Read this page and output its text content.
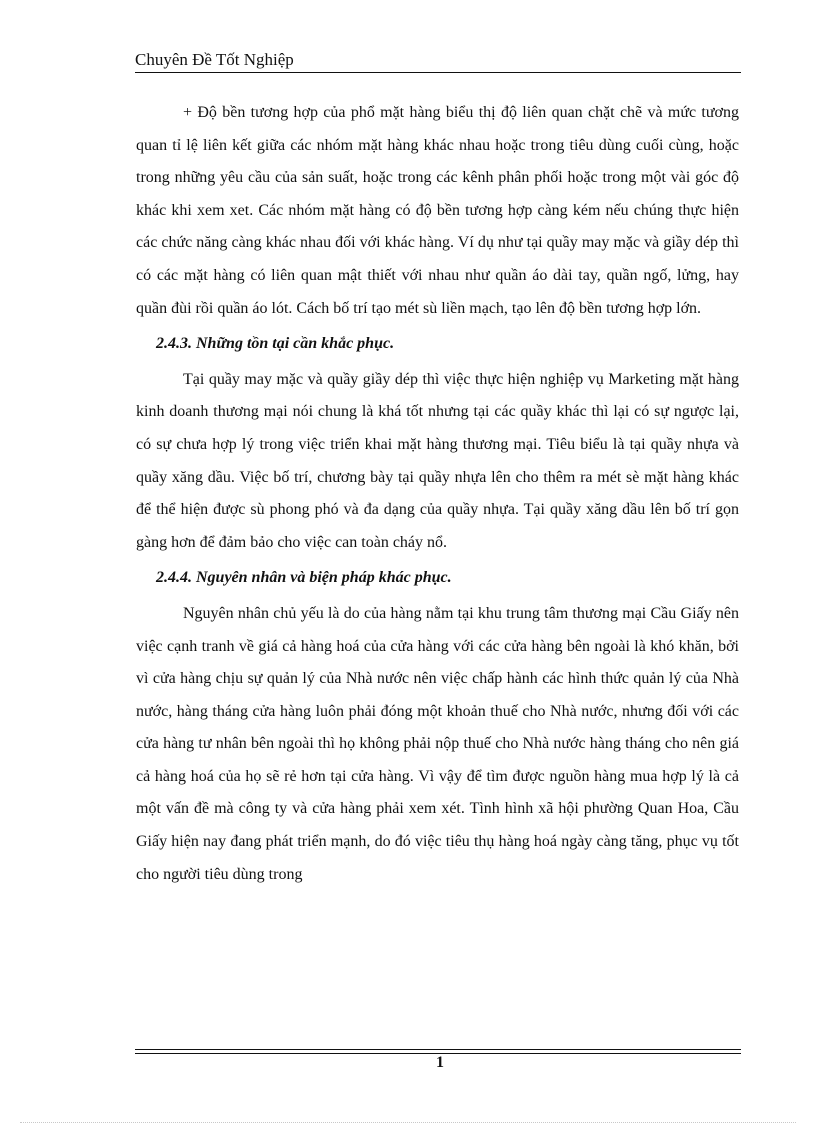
Chuyên Đề Tốt Nghiệp

+ Độ bền tương hợp của phổ mặt hàng biểu thị độ liên quan chặt chẽ và mức tương quan tỉ lệ liên kết giữa các nhóm mặt hàng khác nhau hoặc trong tiêu dùng cuối cùng, hoặc trong những yêu cầu của sản suất, hoặc trong các kênh phân phối hoặc trong một vài góc độ khác khi xem xet. Các nhóm mặt hàng có độ bền tương hợp càng kém nếu chúng thực hiện các chức năng càng khác nhau đối với khác hàng. Ví dụ như tại quầy may mặc và giầy dép thì có các mặt hàng có liên quan mật thiết với nhau như quần áo dài tay, quần ngố, lửng, hay quần đùi rồi quần áo lót. Cách bố trí tạo mét sù liền mạch, tạo lên độ bền tương hợp lớn.

2.4.3. Những tồn tại cần khắc phục.

Tại quầy may mặc và quầy giầy dép thì việc thực hiện nghiệp vụ Marketing mặt hàng kinh doanh thương mại nói chung là khá tốt nhưng tại các quầy khác thì lại có sự ngược lại, có sự chưa hợp lý trong việc triển khai mặt hàng thương mại. Tiêu biểu là tại quầy nhựa và quầy xăng dầu. Việc bố trí, chương bày tại quầy nhựa lên cho thêm ra mét sè mặt hàng khác để thể hiện được sù phong phó và đa dạng của quầy nhựa. Tại quầy xăng dầu lên bố trí gọn gàng hơn để đảm bảo cho việc can toàn cháy nổ.

2.4.4. Nguyên nhân và biện pháp khác phục.

Nguyên nhân chủ yếu là do của hàng nằm tại khu trung tâm thương mại Cầu Giấy nên việc cạnh tranh về giá cả hàng hoá của cửa hàng với các cửa hàng bên ngoài là khó khăn, bởi vì cửa hàng chịu sự quản lý của Nhà nước nên việc chấp hành các hình thức quản lý của Nhà nước, hàng tháng cửa hàng luôn phải đóng một khoản thuế cho Nhà nước, nhưng đối với các cửa hàng tư nhân bên ngoài thì họ không phải nộp thuế cho Nhà nước hàng tháng cho nên giá cả hàng hoá của họ sẽ rẻ hơn tại cửa hàng. Vì vậy để tìm được nguồn hàng mua hợp lý là cả một vấn đề mà công ty và cửa hàng phải xem xét. Tình hình xã hội phường Quan Hoa, Cầu Giấy hiện nay đang phát triển mạnh, do đó việc tiêu thụ hàng hoá ngày càng tăng, phục vụ tốt cho người tiêu dùng trong

1
